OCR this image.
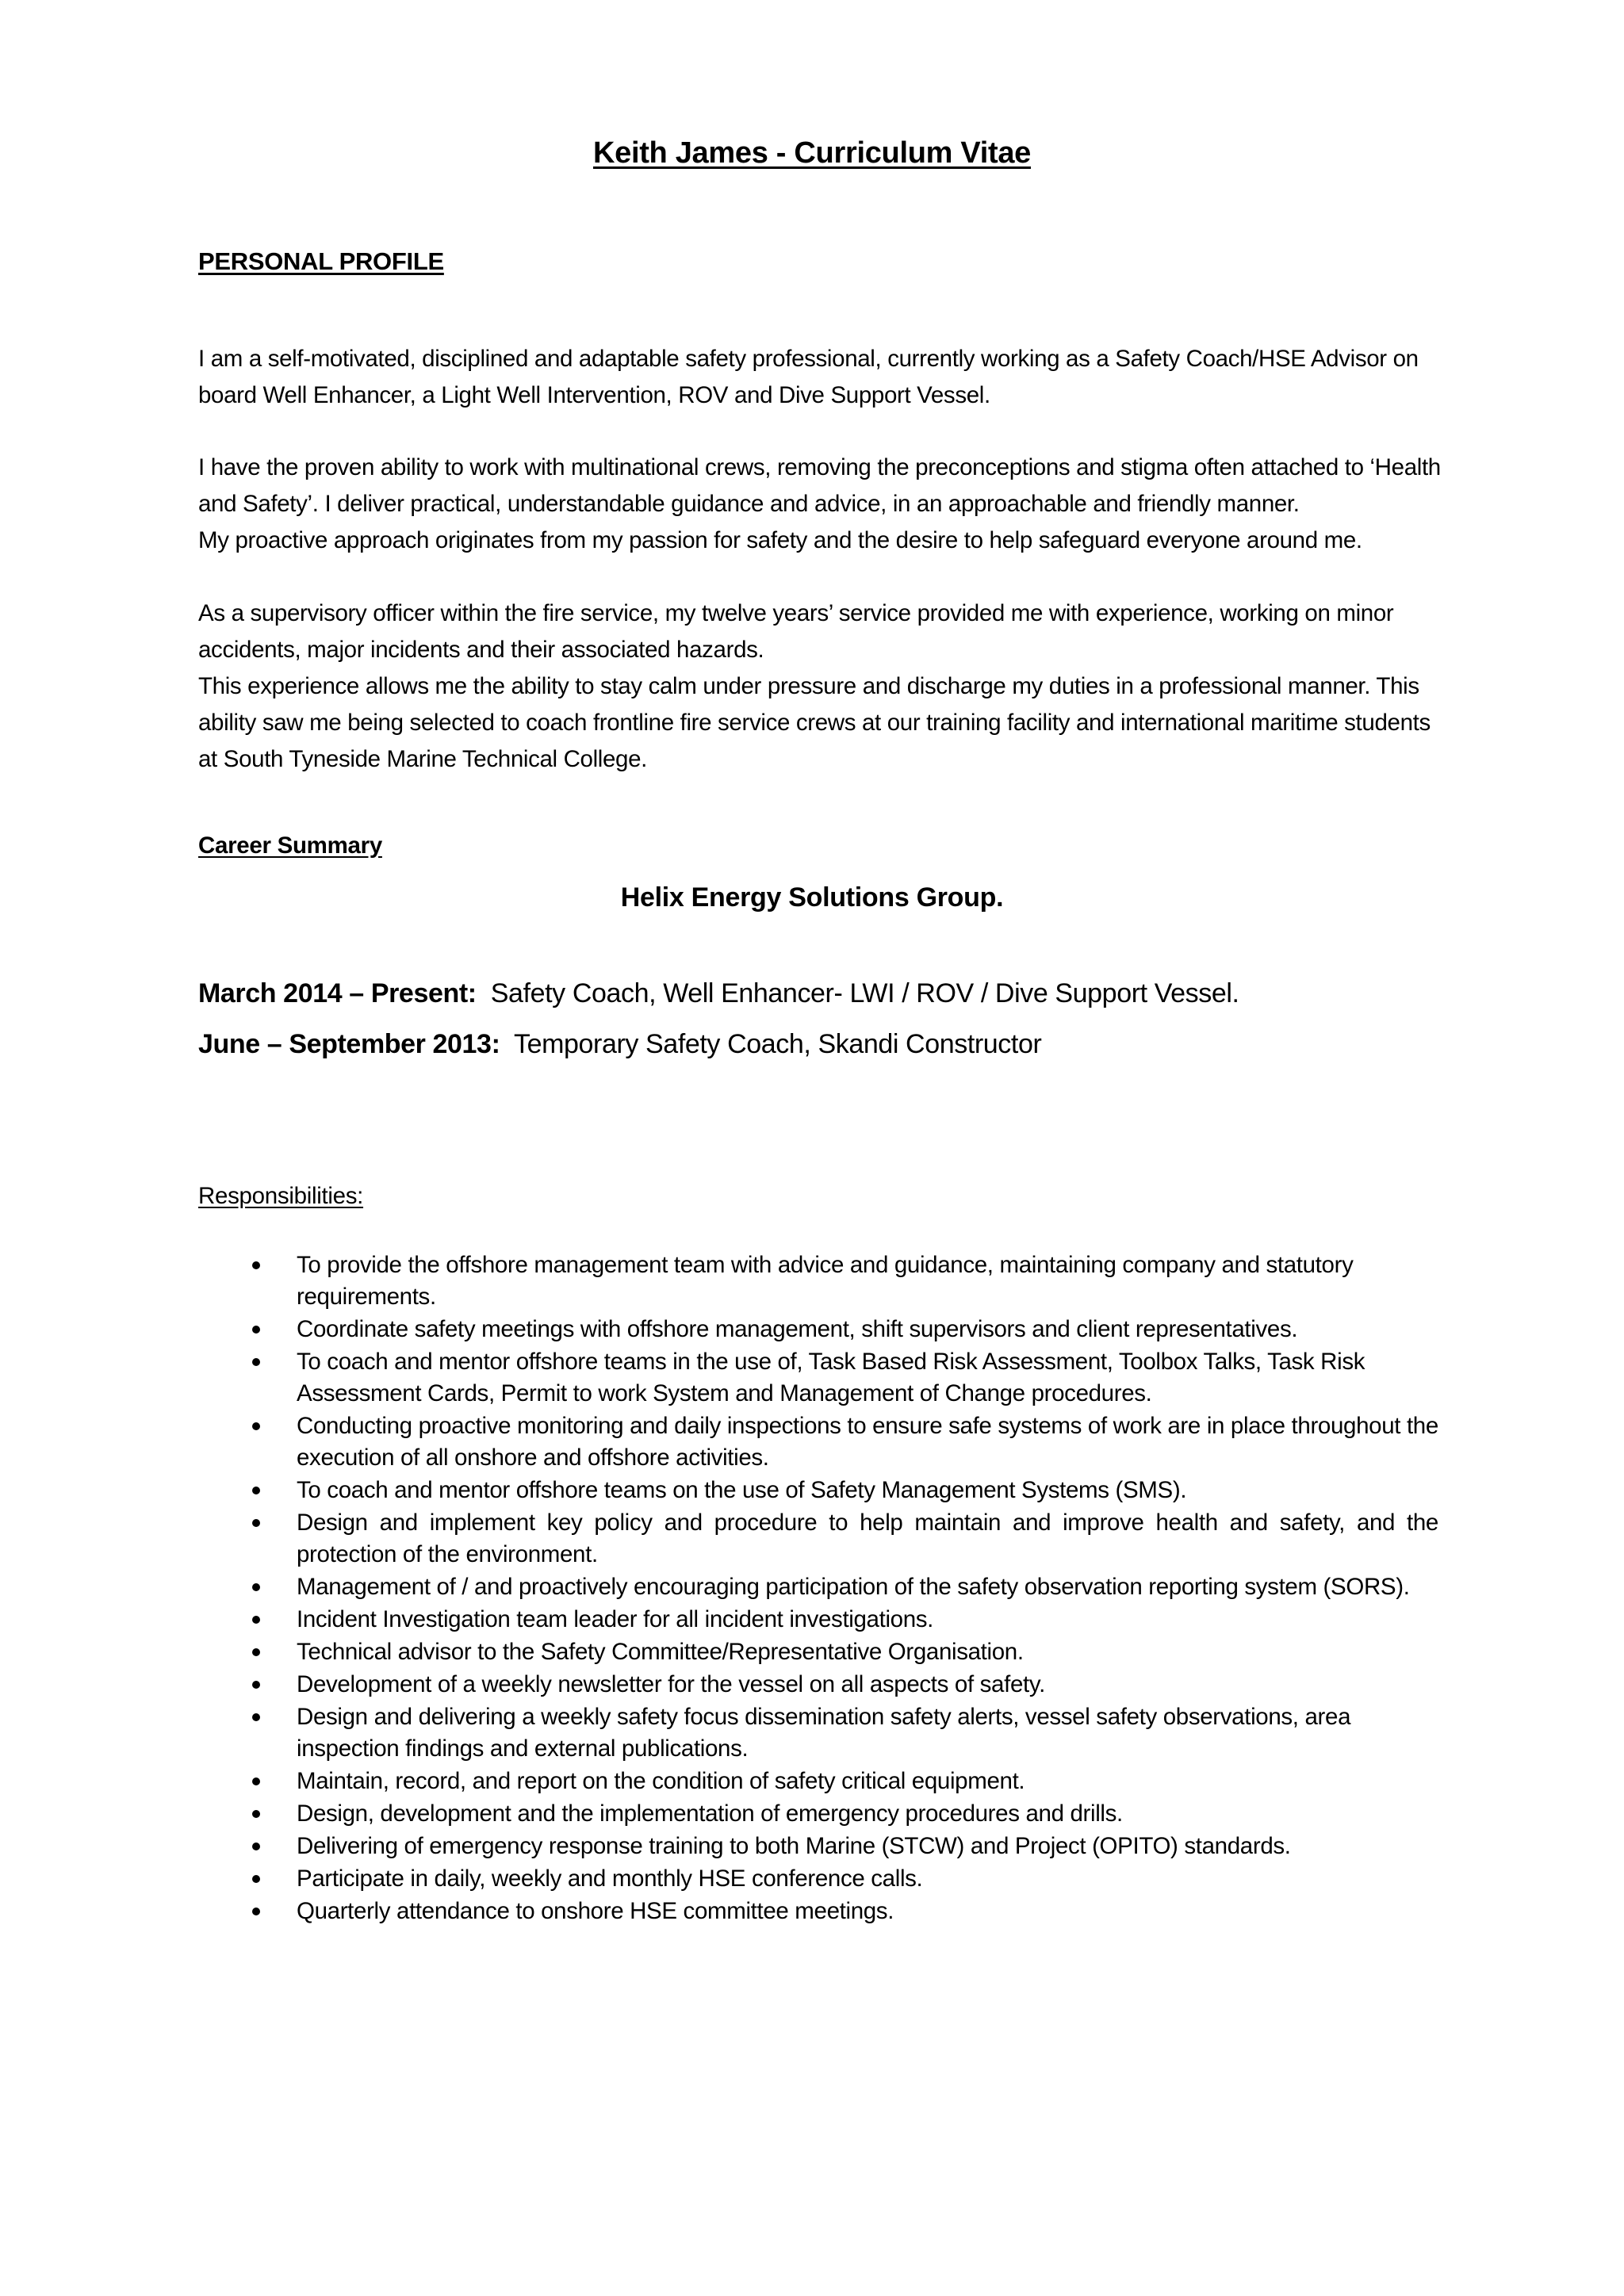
Keith James - Curriculum Vitae
PERSONAL PROFILE

I am a self-motivated, disciplined and adaptable safety professional, currently working as a Safety Coach/HSE Advisor on board Well Enhancer, a Light Well Intervention, ROV and Dive Support Vessel.

I have the proven ability to work with multinational crews, removing the preconceptions and stigma often attached to ‘Health and Safety’. I deliver practical, understandable guidance and advice, in an approachable and friendly manner.

My proactive approach originates from my passion for safety and the desire to help safeguard everyone around me.

As a supervisory officer within the fire service, my twelve years’ service provided me with experience, working on minor accidents, major incidents and their associated hazards.

This experience allows me the ability to stay calm under pressure and discharge my duties in a professional manner. This ability saw me being selected to coach frontline fire service crews at our training facility and international maritime students at South Tyneside Marine Technical College.

Career Summary
Helix Energy Solutions Group.
March 2014 – Present: Safety Coach, Well Enhancer- LWI / ROV / Dive Support Vessel.
June – September 2013: Temporary Safety Coach, Skandi Constructor
Responsibilities:
To provide the offshore management team with advice and guidance, maintaining company and statutory requirements.
Coordinate safety meetings with offshore management, shift supervisors and client representatives.
To coach and mentor offshore teams in the use of, Task Based Risk Assessment, Toolbox Talks, Task Risk Assessment Cards, Permit to work System and Management of Change procedures.
Conducting proactive monitoring and daily inspections to ensure safe systems of work are in place throughout the execution of all onshore and offshore activities.
To coach and mentor offshore teams on the use of Safety Management Systems (SMS).
Design and implement key policy and procedure to help maintain and improve health and safety, and the protection of the environment.
Management of / and proactively encouraging participation of the safety observation reporting system (SORS).
Incident Investigation team leader for all incident investigations.
Technical advisor to the Safety Committee/Representative Organisation.
Development of a weekly newsletter for the vessel on all aspects of safety.
Design and delivering a weekly safety focus dissemination safety alerts, vessel safety observations, area inspection findings and external publications.
Maintain, record, and report on the condition of safety critical equipment.
Design, development and the implementation of emergency procedures and drills.
Delivering of emergency response training to both Marine (STCW) and Project (OPITO) standards.
Participate in daily, weekly and monthly HSE conference calls.
Quarterly attendance to onshore HSE committee meetings.
